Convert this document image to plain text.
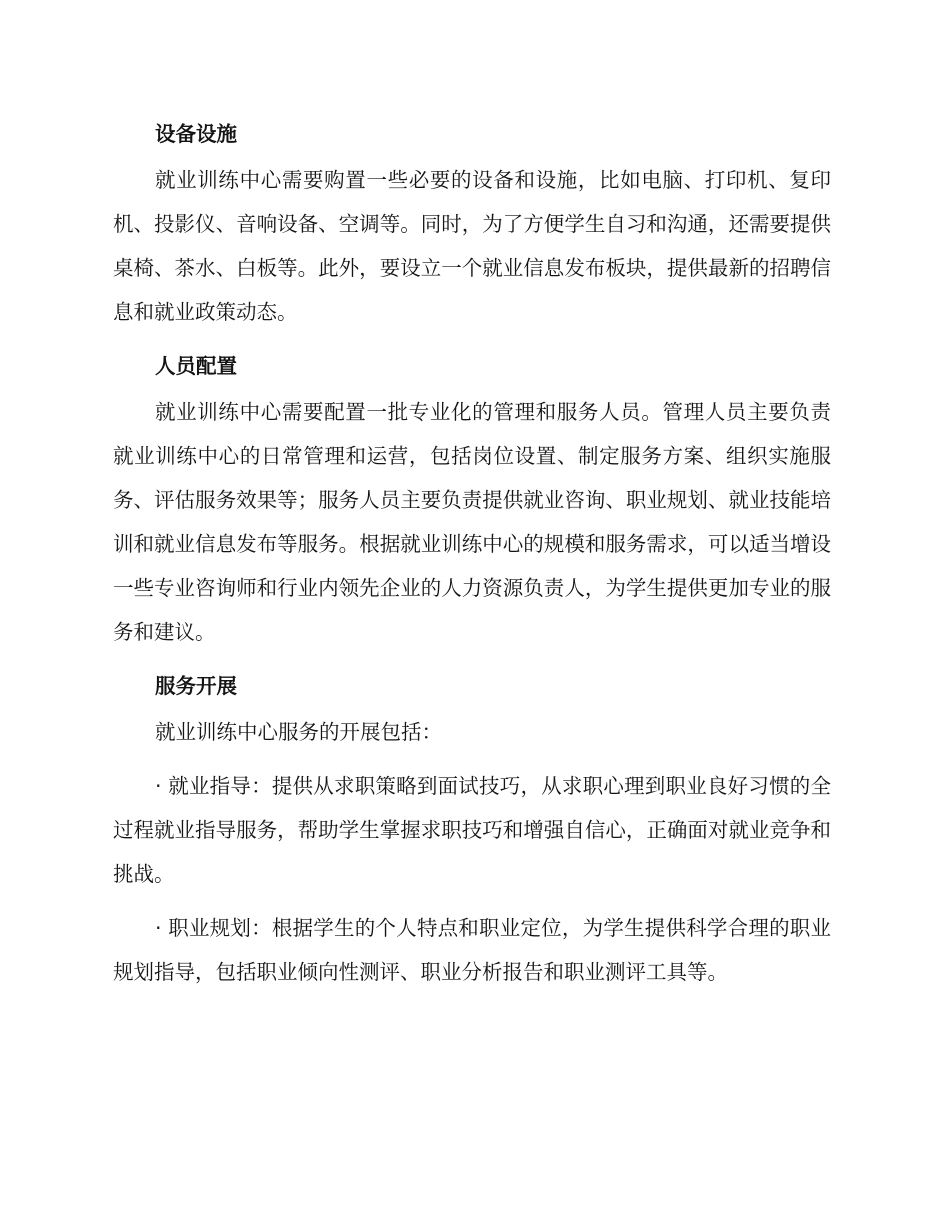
设备设施
就业训练中心需要购置一些必要的设备和设施，比如电脑、打印机、复印机、投影仪、音响设备、空调等。同时，为了方便学生自习和沟通，还需要提供桌椅、茶水、白板等。此外，要设立一个就业信息发布板块，提供最新的招聘信息和就业政策动态。
人员配置
就业训练中心需要配置一批专业化的管理和服务人员。管理人员主要负责就业训练中心的日常管理和运营，包括岗位设置、制定服务方案、组织实施服务、评估服务效果等；服务人员主要负责提供就业咨询、职业规划、就业技能培训和就业信息发布等服务。根据就业训练中心的规模和服务需求，可以适当增设一些专业咨询师和行业内领先企业的人力资源负责人，为学生提供更加专业的服务和建议。
服务开展
就业训练中心服务的开展包括：
· 就业指导：提供从求职策略到面试技巧，从求职心理到职业良好习惯的全过程就业指导服务，帮助学生掌握求职技巧和增强自信心，正确面对就业竞争和挑战。
· 职业规划：根据学生的个人特点和职业定位，为学生提供科学合理的职业规划指导，包括职业倾向性测评、职业分析报告和职业测评工具等。
